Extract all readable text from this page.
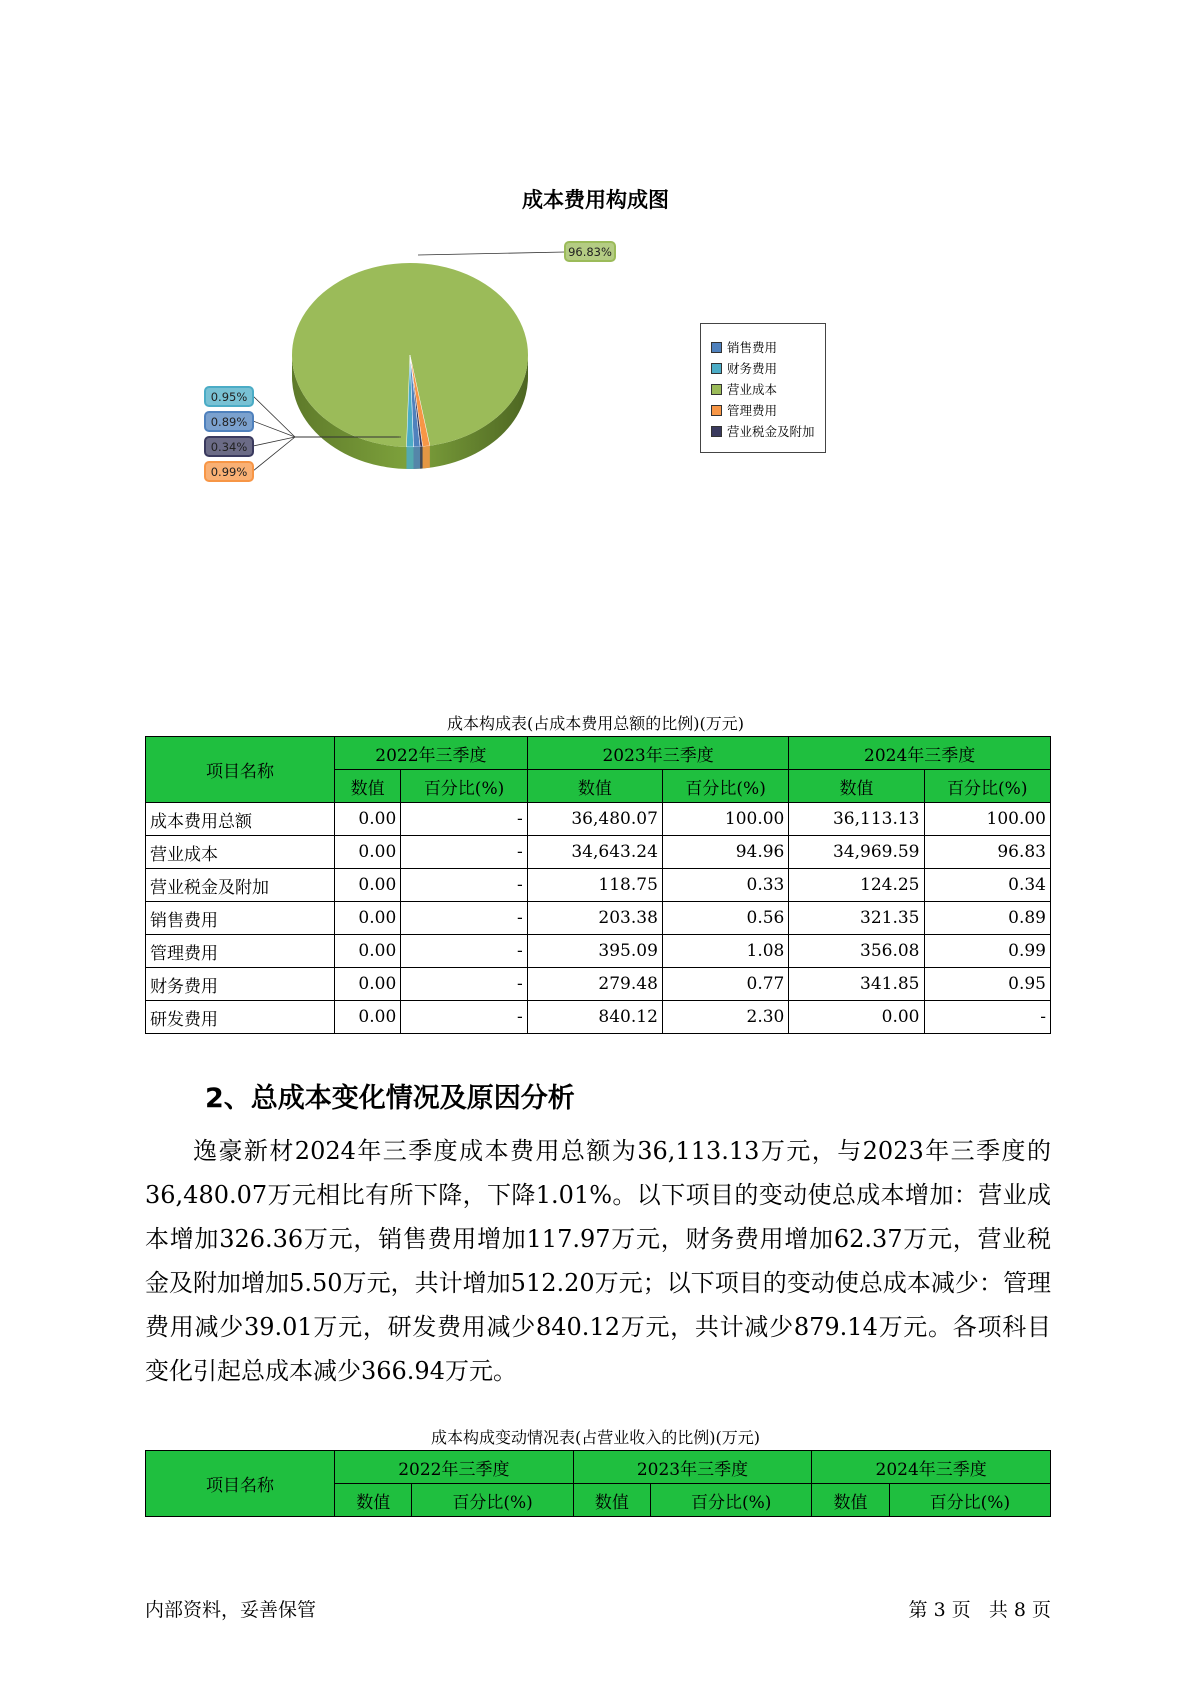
成本费用构成图
96.83%
0.95%
0.89%
0.34%
0.99%
销售费用
财务费用
营业成本
管理费用
营业税金及附加
成本构成表(占成本费用总额的比例)(万元)
项目名称	2022年三季度		2023年三季度		2024年三季度	
	数值	百分比(%)	数值	百分比(%)	数值	百分比(%)
成本费用总额	0.00	-	36,480.07	100.00	36,113.13	100.00
营业成本	0.00	-	34,643.24	94.96	34,969.59	96.83
营业税金及附加	0.00	-	118.75	0.33	124.25	0.34
销售费用	0.00	-	203.38	0.56	321.35	0.89
管理费用	0.00	-	395.09	1.08	356.08	0.99
财务费用	0.00	-	279.48	0.77	341.85	0.95
研发费用	0.00	-	840.12	2.30	0.00	-
2、总成本变化情况及原因分析
逸豪新材2024年三季度成本费用总额为36,113.13万元，与2023年三季度的36,480.07万元相比有所下降，下降1.01%。以下项目的变动使总成本增加：营业成本增加326.36万元，销售费用增加117.97万元，财务费用增加62.37万元，营业税金及附加增加5.50万元，共计增加512.20万元；以下项目的变动使总成本减少：管理费用减少39.01万元，研发费用减少840.12万元，共计减少879.14万元。各项科目变化引起总成本减少366.94万元。
成本构成变动情况表(占营业收入的比例)(万元)
项目名称	2022年三季度		2023年三季度		2024年三季度	
	数值	百分比(%)	数值	百分比(%)	数值	百分比(%)
内部资料，妥善保管	第 3 页   共 8 页
